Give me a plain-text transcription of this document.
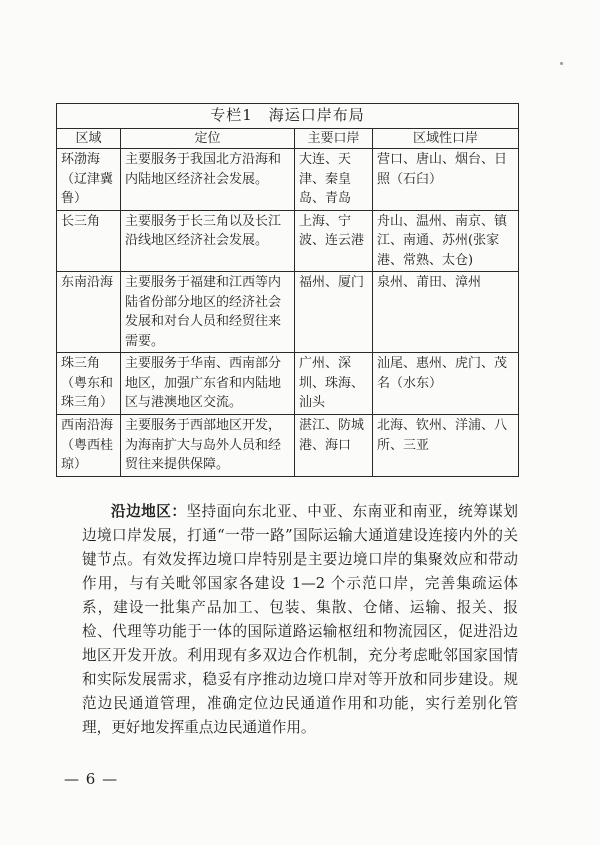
专栏1　海运口岸布局			
区域	定位	主要口岸	区域性口岸
环渤海（辽津冀鲁）	主要服务于我国北方沿海和内陆地区经济社会发展。	大连、天津、秦皇岛、青岛	营口、唐山、烟台、日照（石臼）
长三角	主要服务于长三角以及长江沿线地区经济社会发展。	上海、宁波、连云港	舟山、温州、南京、镇江、南通、苏州(张家港、常熟、太仓)
东南沿海	主要服务于福建和江西等内陆省份部分地区的经济社会发展和对台人员和经贸往来需要。	福州、厦门	泉州、莆田、漳州
珠三角（粤东和珠三角）	主要服务于华南、西南部分地区，加强广东省和内陆地区与港澳地区交流。	广州、深圳、珠海、汕头	汕尾、惠州、虎门、茂名（水东）
西南沿海（粤西桂琼）	主要服务于西部地区开发，为海南扩大与岛外人员和经贸往来提供保障。	湛江、防城港、海口	北海、钦州、洋浦、八所、三亚

沿边地区：坚持面向东北亚、中亚、东南亚和南亚，统筹谋划边境口岸发展，打通“一带一路”国际运输大通道建设连接内外的关键节点。有效发挥边境口岸特别是主要边境口岸的集聚效应和带动作用，与有关毗邻国家各建设 1—2 个示范口岸，完善集疏运体系，建设一批集产品加工、包装、集散、仓储、运输、报关、报检、代理等功能于一体的国际道路运输枢纽和物流园区，促进沿边地区开发开放。利用现有多双边合作机制，充分考虑毗邻国家国情和实际发展需求，稳妥有序推动边境口岸对等开放和同步建设。规范边民通道管理，准确定位边民通道作用和功能，实行差别化管理，更好地发挥重点边民通道作用。

— 6 —
